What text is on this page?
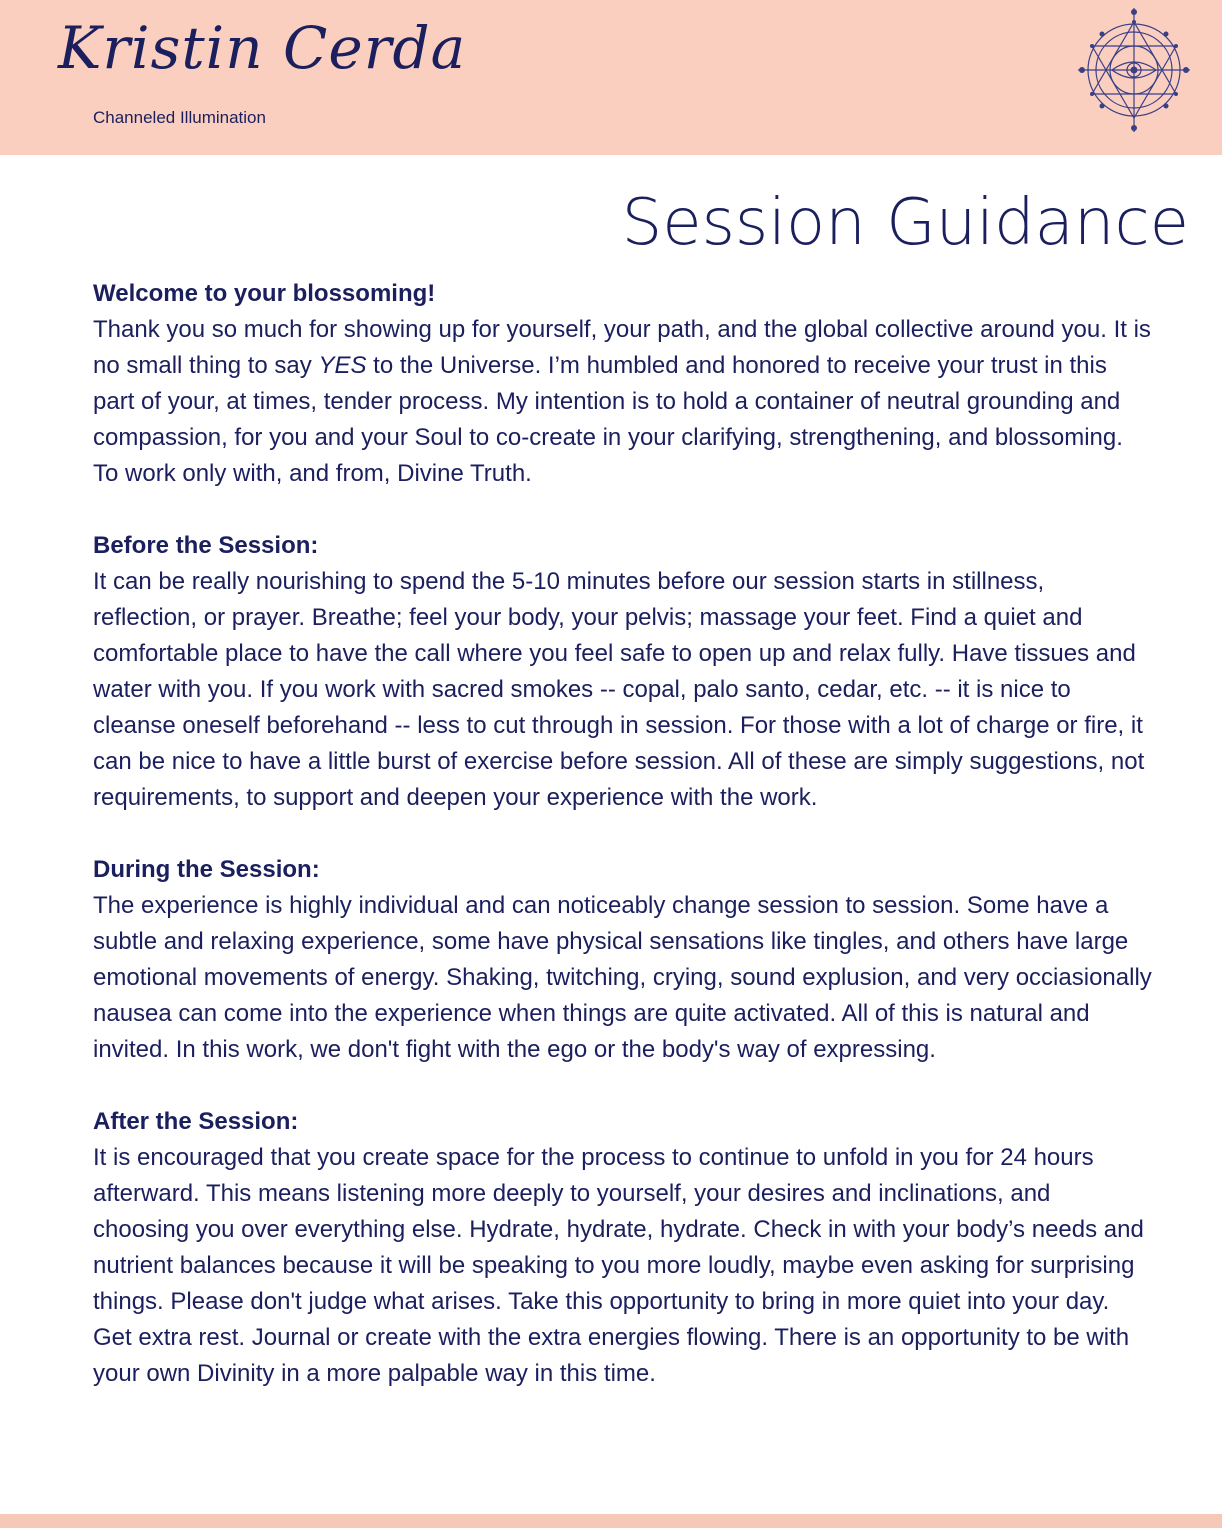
Kristin Cerda
Channeled Illumination
Session Guidance

Welcome to your blossoming!

Thank you so much for showing up for yourself, your path, and the global collective around you. It is no small thing to say YES to the Universe. I’m humbled and honored to receive your trust in this part of your, at times, tender process. My intention is to hold a container of neutral grounding and compassion, for you and your Soul to co-create in your clarifying, strengthening, and blossoming. To work only with, and from, Divine Truth.

Before the Session:

It can be really nourishing to spend the 5-10 minutes before our session starts in stillness, reflection, or prayer. Breathe; feel your body, your pelvis; massage your feet. Find a quiet and comfortable place to have the call where you feel safe to open up and relax fully. Have tissues and water with you. If you work with sacred smokes -- copal, palo santo, cedar, etc. -- it is nice to cleanse oneself beforehand -- less to cut through in session. For those with a lot of charge or fire, it can be nice to have a little burst of exercise before session. All of these are simply suggestions, not requirements, to support and deepen your experience with the work.

During the Session:

The experience is highly individual and can noticeably change session to session. Some have a subtle and relaxing experience, some have physical sensations like tingles, and others have large emotional movements of energy. Shaking, twitching, crying, sound explusion, and very occiasionally nausea can come into the experience when things are quite activated. All of this is natural and invited. In this work, we don't fight with the ego or the body's way of expressing.

After the Session:

It is encouraged that you create space for the process to continue to unfold in you for 24 hours afterward. This means listening more deeply to yourself, your desires and inclinations, and choosing you over everything else. Hydrate, hydrate, hydrate. Check in with your body’s needs and nutrient balances because it will be speaking to you more loudly, maybe even asking for surprising things. Please don't judge what arises. Take this opportunity to bring in more quiet into your day. Get extra rest. Journal or create with the extra energies flowing. There is an opportunity to be with your own Divinity in a more palpable way in this time.
